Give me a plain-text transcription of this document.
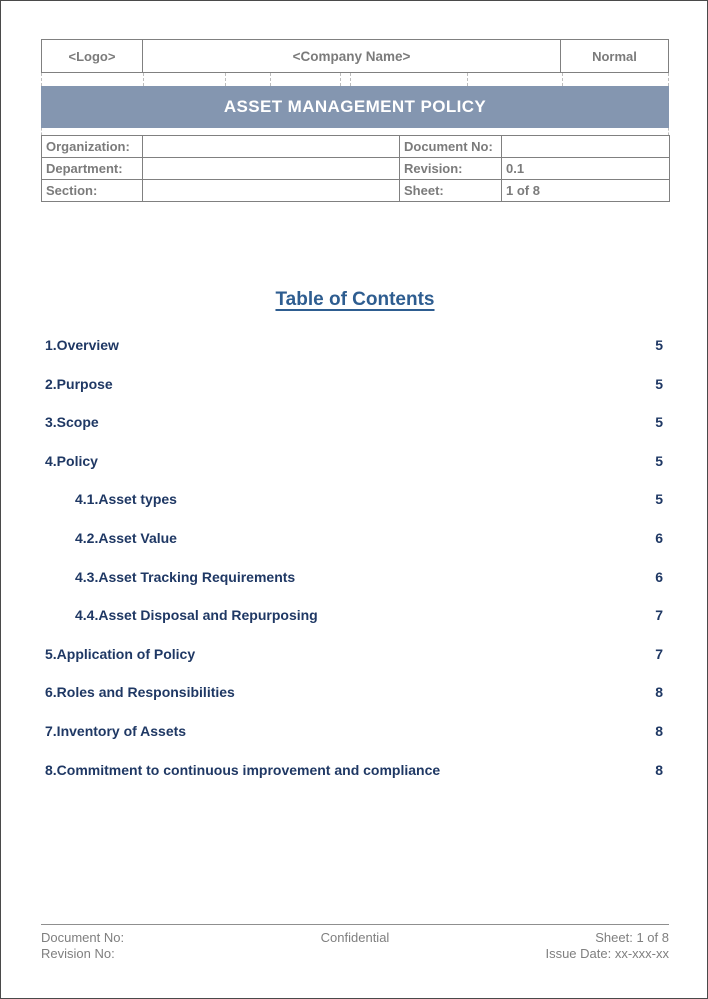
<Logo>	<Company Name>	Normal
ASSET MANAGEMENT POLICY
Organization:		Document No:	
Department:		Revision:	0.1
Section:		Sheet:	1 of 8
Table of Contents
1.Overview	5
2.Purpose	5
3.Scope	5
4.Policy	5
4.1.Asset types	5
4.2.Asset Value	6
4.3.Asset Tracking Requirements	6
4.4.Asset Disposal and Repurposing	7
5.Application of Policy	7
6.Roles and Responsibilities	8
7.Inventory of Assets	8
8.Commitment to continuous improvement and compliance	8
Document No:
Revision No:
Confidential	Sheet: 1 of 8
Issue Date: xx-xxx-xx
